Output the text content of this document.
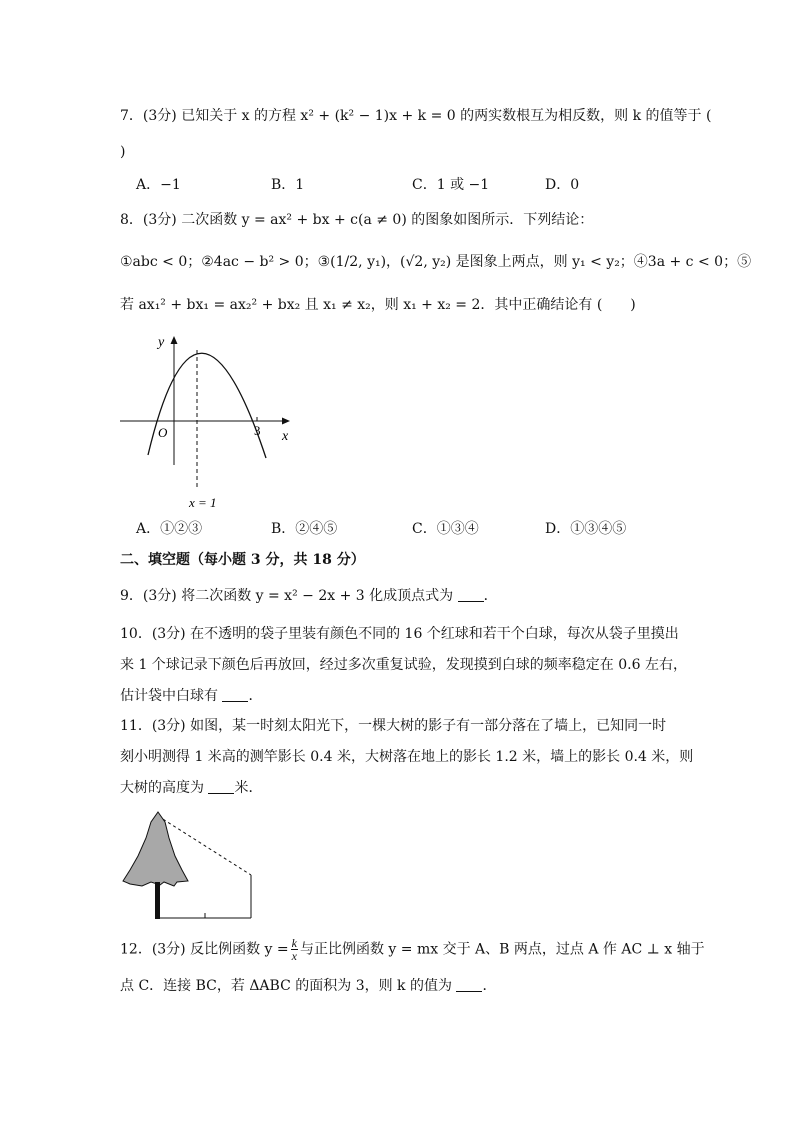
7．(3分) 已知关于 x 的方程 x² + (k² − 1)x + k = 0 的两实数根互为相反数，则 k 的值等于 (
)
A．−1	B．1	C．1 或 −1	D．0
8．(3分) 二次函数 y = ax² + bx + c(a ≠ 0) 的图象如图所示．下列结论：
①abc < 0；②4ac − b² > 0；③(1/2, y₁)，(√2, y₂) 是图象上两点，则 y₁ < y₂；④3a + c < 0；⑤
若 ax₁² + bx₁ = ax₂² + bx₂ 且 x₁ ≠ x₂，则 x₁ + x₂ = 2．其中正确结论有 (　　)
y
x
O	3
x = 1
A．①②③	B．②④⑤	C．①③④	D．①③④⑤
二、填空题（每小题 3 分，共 18 分）
9．(3分) 将二次函数 y = x² − 2x + 3 化成顶点式为 ．
10．(3分) 在不透明的袋子里装有颜色不同的 16 个红球和若干个白球，每次从袋子里摸出
来 1 个球记录下颜色后再放回，经过多次重复试验，发现摸到白球的频率稳定在 0.6 左右，
估计袋中白球有 ．
11．(3分) 如图，某一时刻太阳光下，一棵大树的影子有一部分落在了墙上，已知同一时
刻小明测得 1 米高的测竿影长 0.4 米，大树落在地上的影长 1.2 米，墙上的影长 0.4 米，则
大树的高度为 米．
12．(3分) 反比例函数 $y = \frac{k}{x}$ 与正比例函数 y = mx 交于 A、B 两点，过点 A 作 AC ⊥ x 轴于
点 C．连接 BC，若 ΔABC 的面积为 3，则 k 的值为 ．
